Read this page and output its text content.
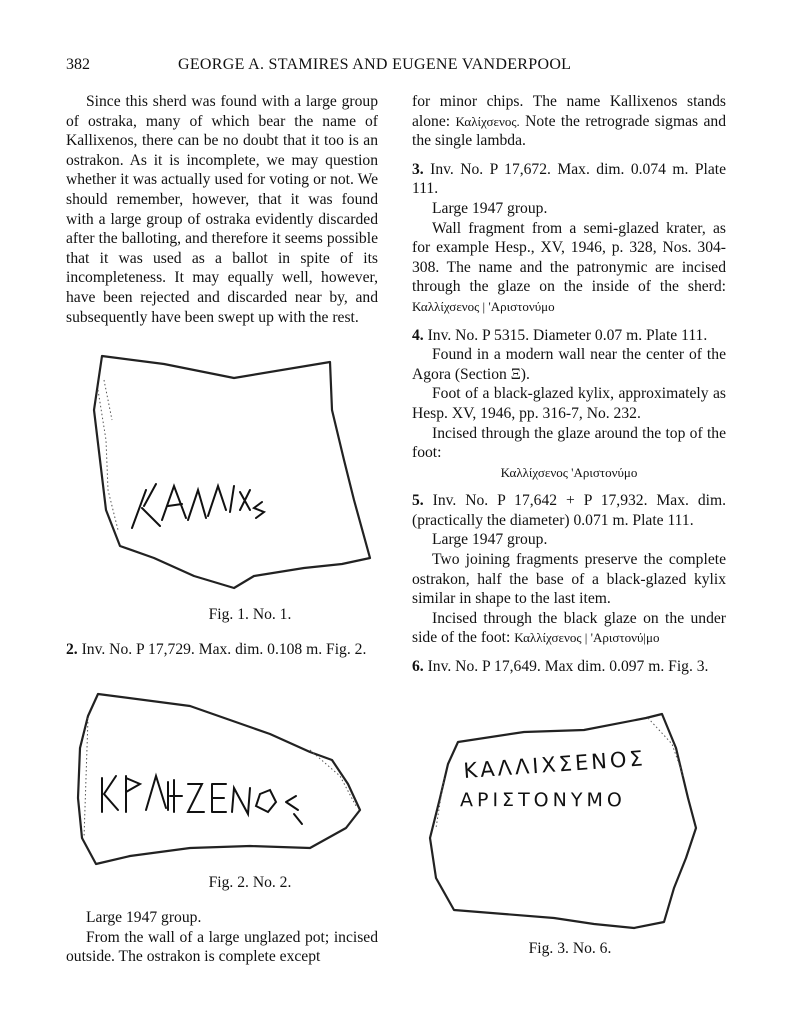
382	GEORGE A. STAMIRES AND EUGENE VANDERPOOL

Since this sherd was found with a large group of ostraka, many of which bear the name of Kallixenos, there can be no doubt that it too is an ostrakon. As it is incomplete, we may question whether it was actually used for voting or not. We should remember, however, that it was found with a large group of ostraka evidently discarded after the balloting, and therefore it seems possible that it was used as a ballot in spite of its incompleteness. It may equally well, however, have been rejected and discarded near by, and subsequently have been swept up with the rest.

Fig. 1. No. 1.

2. Inv. No. P 17,729. Max. dim. 0.108 m. Fig. 2.

Fig. 2. No. 2.

Large 1947 group.

From the wall of a large unglazed pot; incised outside. The ostrakon is complete except

for minor chips. The name Kallixenos stands alone: Καλίχσενος. Note the retrograde sigmas and the single lambda.

3. Inv. No. P 17,672. Max. dim. 0.074 m. Plate 111.

Large 1947 group.

Wall fragment from a semi-glazed krater, as for example Hesp., XV, 1946, p. 328, Nos. 304-308. The name and the patronymic are incised through the glaze on the inside of the sherd: Καλλίχσενος | 'Αριστονύμο

4. Inv. No. P 5315. Diameter 0.07 m. Plate 111.

Found in a modern wall near the center of the Agora (Section Ξ).

Foot of a black-glazed kylix, approximately as Hesp. XV, 1946, pp. 316-7, No. 232.

Incised through the glaze around the top of the foot:

Καλλίχσενος 'Αριστονύμο

5. Inv. No. P 17,642 + P 17,932. Max. dim. (practically the diameter) 0.071 m. Plate 111.

Large 1947 group.

Two joining fragments preserve the complete ostrakon, half the base of a black-glazed kylix similar in shape to the last item.

Incised through the black glaze on the under side of the foot: Καλλίχσενος | 'Αριστονύ|μο

6. Inv. No. P 17,649. Max dim. 0.097 m. Fig. 3.

ΚΑΛΛΙΧΣΕΝΟΣ
ΑΡΙΣΤΟΝΥΜΟ
Fig. 3. No. 6.
